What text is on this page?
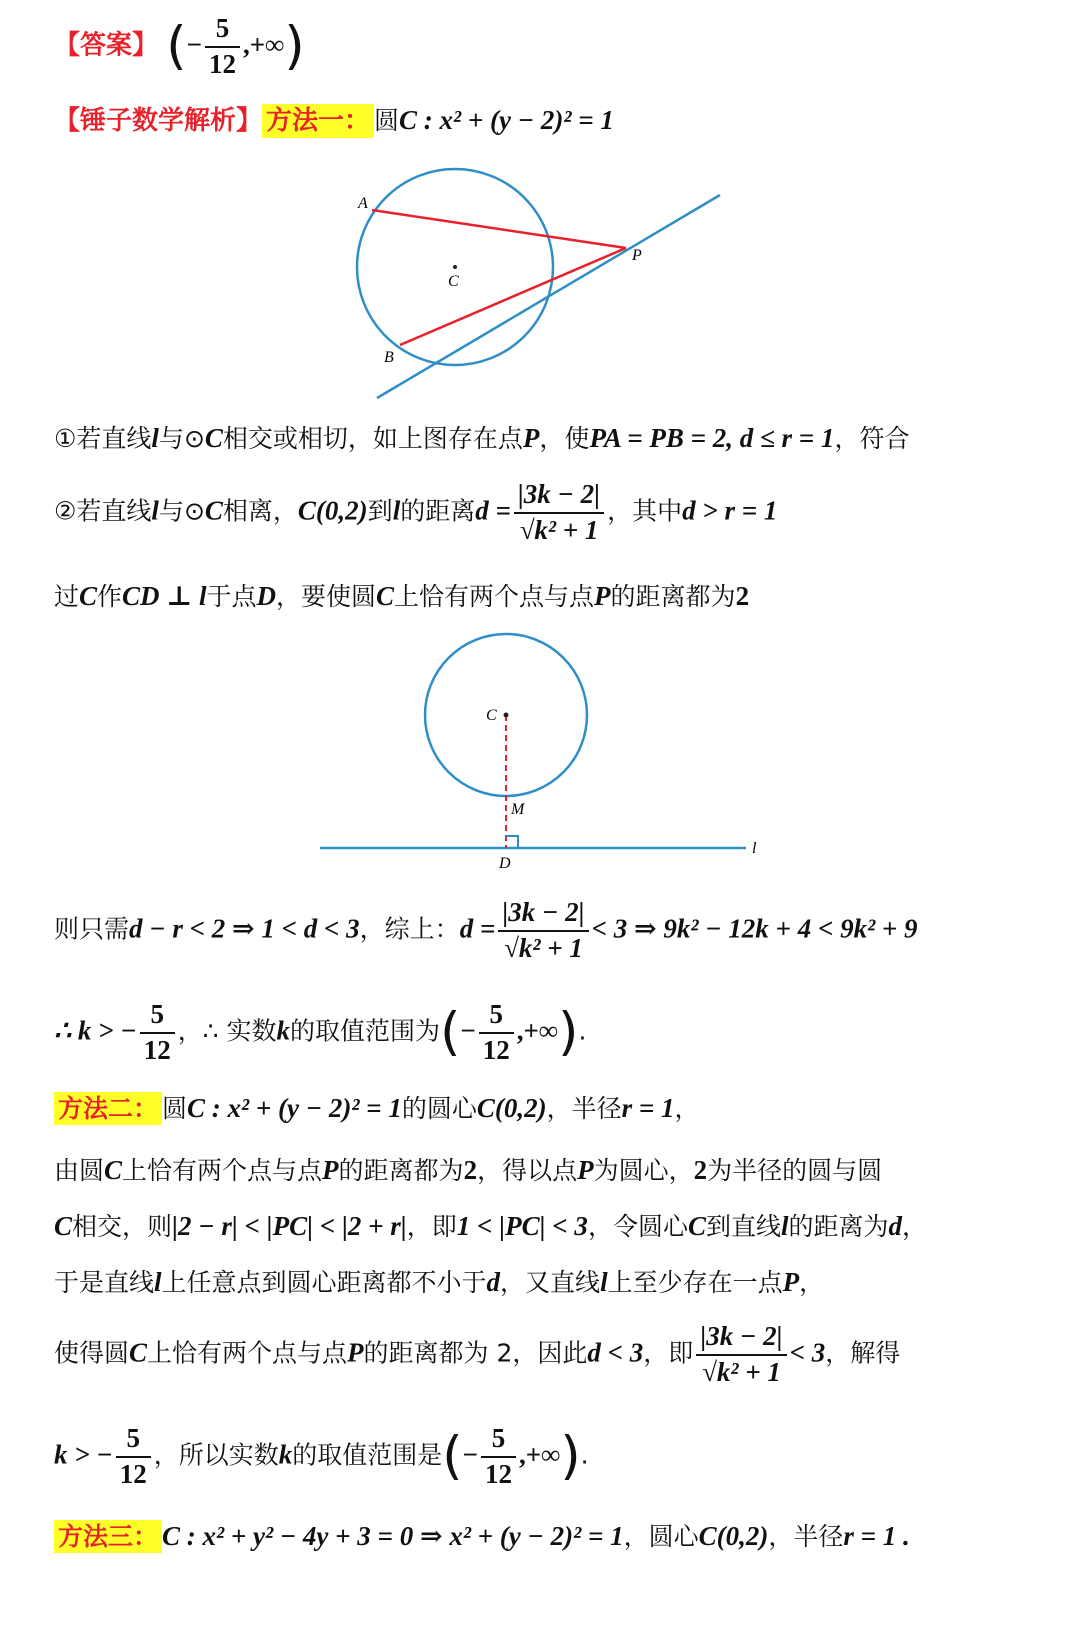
【答案】 (− $\frac{5}{12}$ ,+∞)
【锤子数学解析】 方法一： 圆C : x² + (y − 2)² = 1
A
B
C
P
①若直线l与⊙C相交或相切，如上图存在点P，使PA = PB = 2, d ≤ r = 1，符合
②若直线l与⊙C相离，C(0,2)到l的距离$d = \frac{|3k - 2|}{\text{√k² + 1}}$ ，其中d > r = 1
过C作CD ⊥ l于点D，要使圆C上恰有两个点与点P的距离都为2
C
M
D
l
则只需d − r < 2 ⇒ 1 < d < 3，综上：$d = \frac{|3k - 2|}{\text{√k² + 1}} < 3$ ⇒ 9k² − 12k + 4 < 9k² + 9
∴ k > − $\frac{5}{12}$ ，∴ 实数k的取值范围为(− $\frac{5}{12}$ ,+∞).
方法二： 圆C : x² + (y − 2)² = 1的圆心C(0,2)，半径r = 1，
由圆C上恰有两个点与点P的距离都为2，得以点P为圆心，2为半径的圆与圆
C相交，则|2 − r| < |PC| < |2 + r|，即1 < |PC| < 3，令圆心C到直线l的距离为d，
于是直线l上任意点到圆心距离都不小于d，又直线l上至少存在一点P，
使得圆C上恰有两个点与点P的距离都为 2，因此d < 3，即 $\frac{|3k - 2|}{\text{√k² + 1}} < 3$，解得
k > − $\frac{5}{12}$ ，所以实数k的取值范围是(− $\frac{5}{12}$ ,+∞).
方法三： C : x² + y² − 4y + 3 = 0 ⇒ x² + (y − 2)² = 1，圆心C(0,2)，半径r = 1 .
